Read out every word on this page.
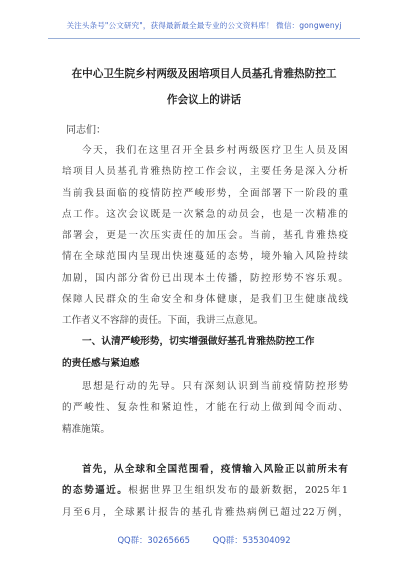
关注头条号"公文研究"，获得最新最全最专业的公文资料库！ 微信：gongwenyj
在中心卫生院乡村两级及困培项目人员基孔肯雅热防控工
作会议上的讲话
同志们：
今天，我们在这里召开全县乡村两级医疗卫生人员及困
培项目人员基孔肯雅热防控工作会议，主要任务是深入分析
当前我县面临的疫情防控严峻形势，全面部署下一阶段的重
点工作。这次会议既是一次紧急的动员会，也是一次精准的
部署会，更是一次压实责任的加压会。当前，基孔肯雅热疫
情在全球范围内呈现出快速蔓延的态势，境外输入风险持续
加剧，国内部分省份已出现本土传播，防控形势不容乐观。
保障人民群众的生命安全和身体健康，是我们卫生健康战线
工作者义不容辞的责任。下面，我讲三点意见。
一、认清严峻形势，切实增强做好基孔肯雅热防控工作
的责任感与紧迫感
思想是行动的先导。只有深刻认识到当前疫情防控形势
的严峻性、复杂性和紧迫性，才能在行动上做到闻令而动、
精准施策。
首先，从全球和全国范围看，疫情输入风险正以前所未有
的态势逼近。根据世界卫生组织发布的最新数据，2025年1
月至6月，全球累计报告的基孔肯雅热病例已超过22万例，
QQ群：30265665	QQ群：535304092
